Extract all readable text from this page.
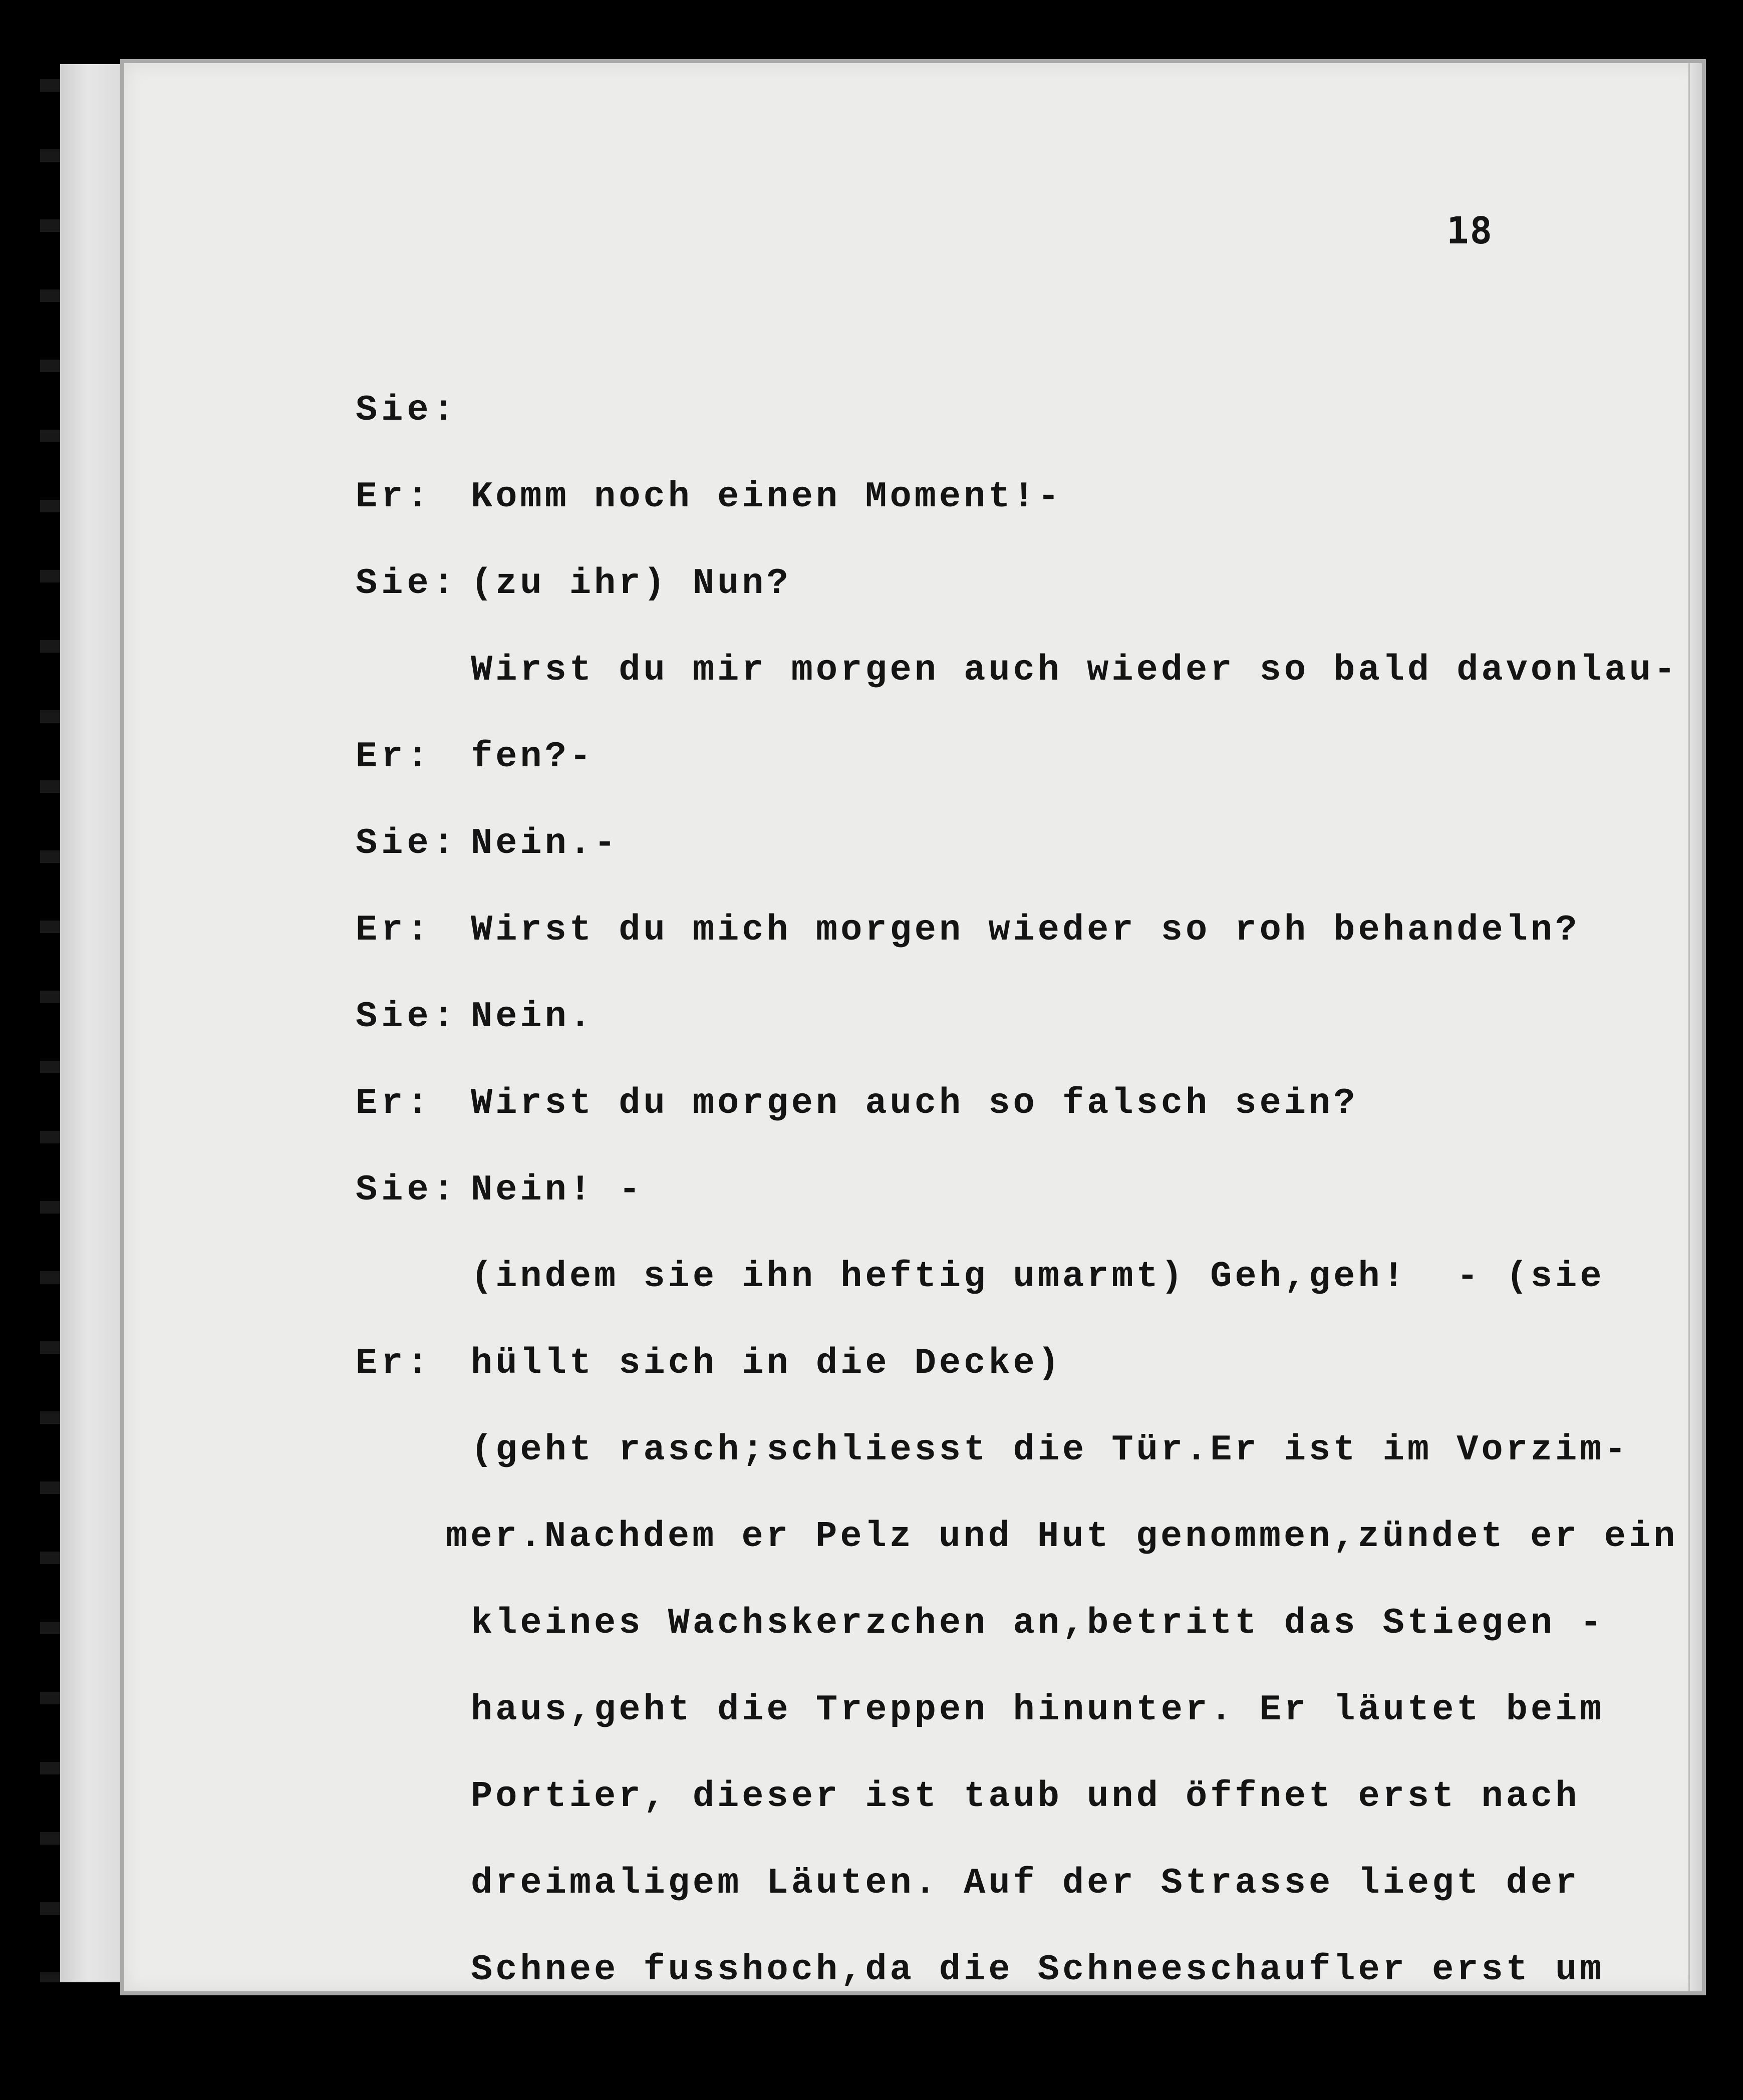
18

Sie:

Komm noch einen Moment!-

Er:

(zu ihr) Nun?

Sie:

Wirst du mir morgen auch wieder so bald davonlau-

fen?-

Er:

Nein.-

Sie:

Wirst du mich morgen wieder so roh behandeln?

Er:

Nein.

Sie:

Wirst du morgen auch so falsch sein?

Er:

Nein! -

Sie:

(indem sie ihn heftig umarmt) Geh,geh!  - (sie

hüllt sich in die Decke)

Er:

(geht rasch;schliesst die Tür.Er ist im Vorzim-

mer.Nachdem er Pelz und Hut genommen,zündet er ein

kleines Wachskerzchen an,betritt das Stiegen -

haus,geht die Treppen hinunter. Er läutet beim

Portier, dieser ist taub und öffnet erst nach

dreimaligem Läuten. Auf der Strasse liegt der

Schnee fusshoch,da die Schneeschaufler erst um
